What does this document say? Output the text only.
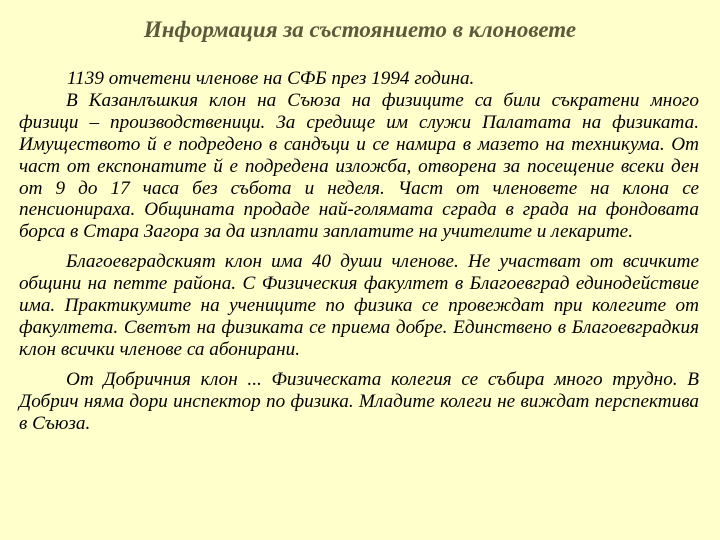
Информация за състоянието в клоновете

1139 отчетени членове на СФБ през 1994 година.

В Казанлъшкия клон на Съюза на физиците са били съкратени много физици – производственици. За средище им служи Палатата на физиката. Имуществото й е подредено в сандъци и се намира в мазето на техникума. От част от експонатите й е подредена изложба, отворена за посещение всеки ден от 9 до 17 часа без събота и неделя. Част от членовете на клона се пенсионираха. Общината продаде най-голямата сграда в града на фондовата борса в Стара Загора за да изплати заплатите на учителите и лекарите.

Благоевградският клон има 40 души членове. Не участват от всичките общини на петте района. С Физическия факултет в Благоевград единодействие има. Практикумите на учениците по физика се провеждат при колегите от факултета. Светът на физиката се приема добре. Единствено в Благоевградкия клон всички членове са абонирани.

От Добричния клон ... Физическата колегия се събира много трудно. В Добрич няма дори инспектор по физика. Младите колеги не виждат перспектива в Съюза.
